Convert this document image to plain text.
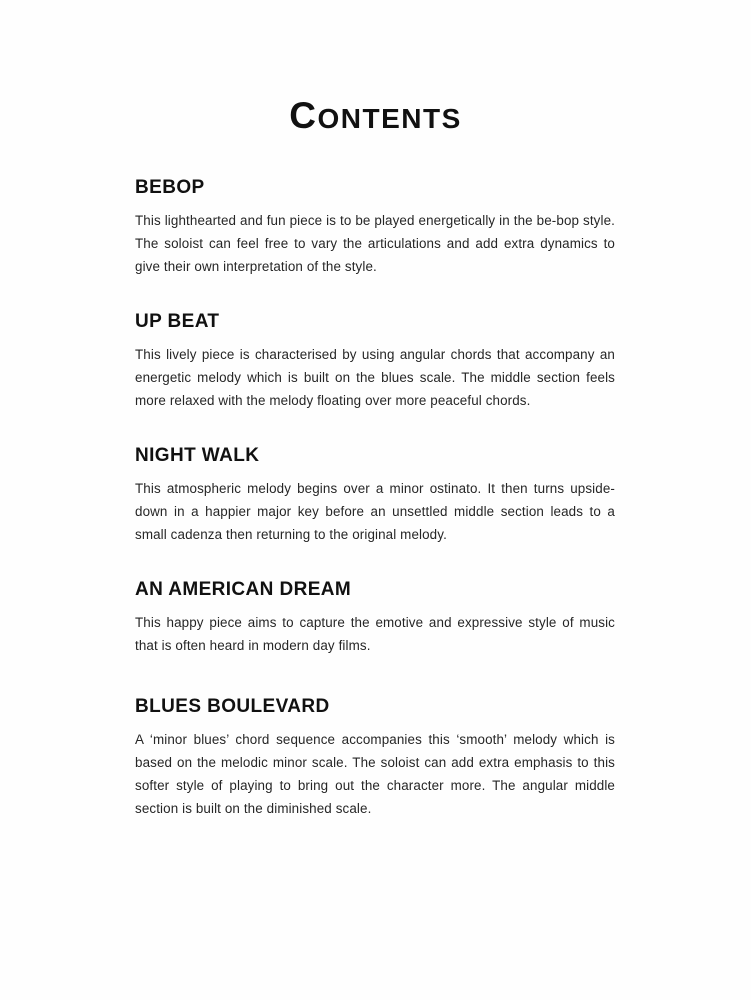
CONTENTS
BEBOP

This lighthearted and fun piece is to be played energetically in the be-bop style. The soloist can feel free to vary the articulations and add extra dynamics to give their own interpretation of the style.

UP BEAT

This lively piece is characterised by using angular chords that accompany an energetic melody which is built on the blues scale. The middle section feels more relaxed with the melody floating over more peaceful chords.

NIGHT WALK

This atmospheric melody begins over a minor ostinato. It then turns upside-down in a happier major key before an unsettled middle section leads to a small cadenza then returning to the original melody.

AN AMERICAN DREAM

This happy piece aims to capture the emotive and expressive style of music that is often heard in modern day films.

BLUES BOULEVARD

A ‘minor blues’ chord sequence accompanies this ‘smooth’ melody which is based on the melodic minor scale. The soloist can add extra emphasis to this softer style of playing to bring out the character more. The angular middle section is built on the diminished scale.
